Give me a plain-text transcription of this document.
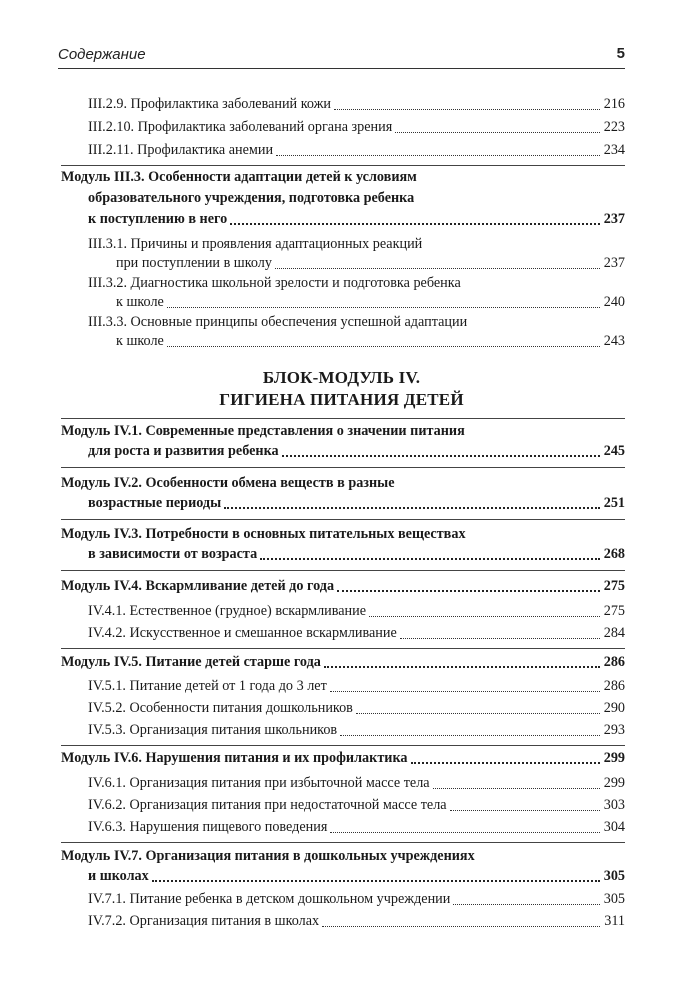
Содержание	5
III.2.9. Профилактика заболеваний кожи	216
III.2.10. Профилактика заболеваний органа зрения	223
III.2.11. Профилактика анемии	234
Модуль III.3. Особенности адаптации детей к условиям
образовательного учреждения, подготовка ребенка
к поступлению в него	237
III.3.1. Причины и проявления адаптационных реакций
при поступлении в школу	237
III.3.2. Диагностика школьной зрелости и подготовка ребенка
к школе	240
III.3.3. Основные принципы обеспечения успешной адаптации
к школе	243
БЛОК-МОДУЛЬ IV.
ГИГИЕНА ПИТАНИЯ ДЕТЕЙ
Модуль IV.1. Современные представления о значении питания
для роста и развития ребенка	245
Модуль IV.2. Особенности обмена веществ в разные
возрастные периоды	251
Модуль IV.3. Потребности в основных питательных веществах
в зависимости от возраста	268
Модуль IV.4. Вскармливание детей до года	275
IV.4.1. Естественное (грудное) вскармливание	275
IV.4.2. Искусственное и смешанное вскармливание	284
Модуль IV.5. Питание детей старше года	286
IV.5.1. Питание детей от 1 года до 3 лет	286
IV.5.2. Особенности питания дошкольников	290
IV.5.3. Организация питания школьников	293
Модуль IV.6. Нарушения питания и их профилактика	299
IV.6.1. Организация питания при избыточной массе тела	299
IV.6.2. Организация питания при недостаточной массе тела	303
IV.6.3. Нарушения пищевого поведения	304
Модуль IV.7. Организация питания в дошкольных учреждениях
и школах	305
IV.7.1. Питание ребенка в детском дошкольном учреждении	305
IV.7.2. Организация питания в школах	311
